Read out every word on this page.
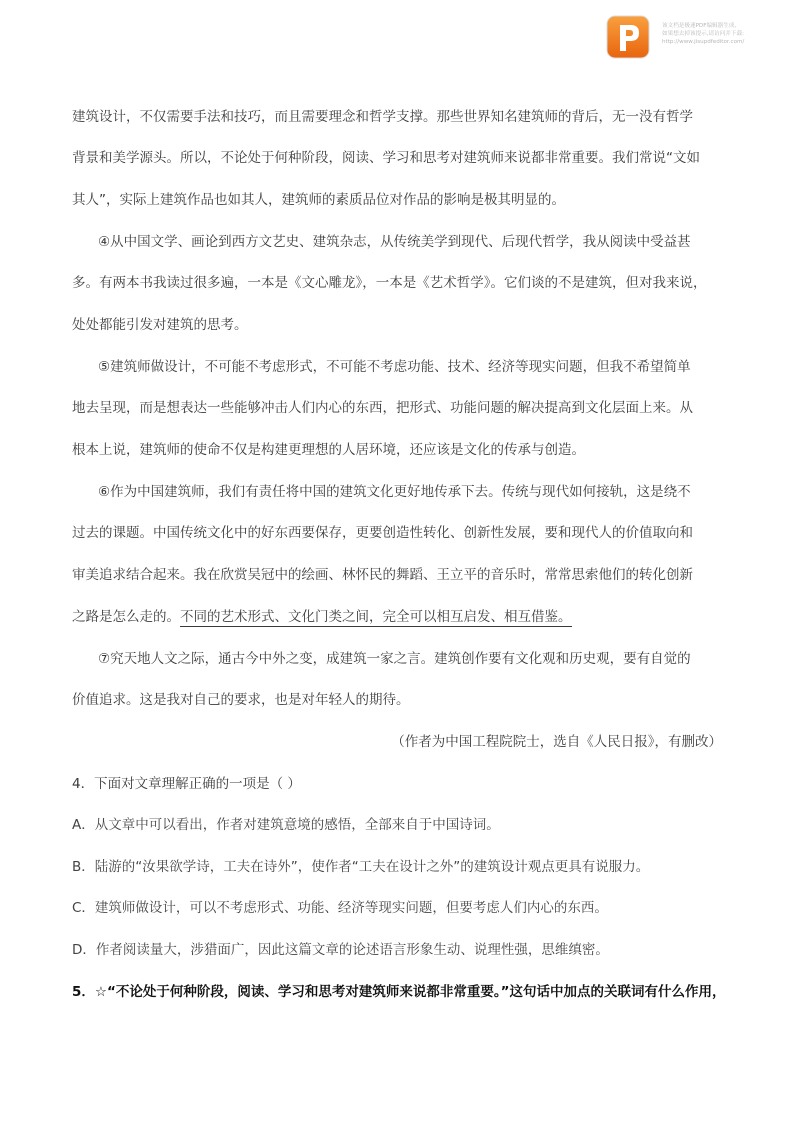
该文档是极速PDF编辑器生成,
如果想去掉该提示,请访问并下载:
http://www.jisupdfeditor.com/
建筑设计，不仅需要手法和技巧，而且需要理念和哲学支撑。那些世界知名建筑师的背后，无一没有哲学
背景和美学源头。所以，不论处于何种阶段，阅读、学习和思考对建筑师来说都非常重要。我们常说“文如
其人”，实际上建筑作品也如其人，建筑师的素质品位对作品的影响是极其明显的。
④从中国文学、画论到西方文艺史、建筑杂志，从传统美学到现代、后现代哲学，我从阅读中受益甚
多。有两本书我读过很多遍，一本是《文心雕龙》，一本是《艺术哲学》。它们谈的不是建筑，但对我来说，
处处都能引发对建筑的思考。
⑤建筑师做设计，不可能不考虑形式，不可能不考虑功能、技术、经济等现实问题，但我不希望简单
地去呈现，而是想表达一些能够冲击人们内心的东西，把形式、功能问题的解决提高到文化层面上来。从
根本上说，建筑师的使命不仅是构建更理想的人居环境，还应该是文化的传承与创造。
⑥作为中国建筑师，我们有责任将中国的建筑文化更好地传承下去。传统与现代如何接轨，这是绕不
过去的课题。中国传统文化中的好东西要保存，更要创造性转化、创新性发展，要和现代人的价值取向和
审美追求结合起来。我在欣赏吴冠中的绘画、林怀民的舞蹈、王立平的音乐时，常常思索他们的转化创新
之路是怎么走的。不同的艺术形式、文化门类之间，完全可以相互启发、相互借鉴。
⑦究天地人文之际，通古今中外之变，成建筑一家之言。建筑创作要有文化观和历史观，要有自觉的
价值追求。这是我对自己的要求，也是对年轻人的期待。
（作者为中国工程院院士，选自《人民日报》，有删改）
4．下面对文章理解正确的一项是（ ）
A．从文章中可以看出，作者对建筑意境的感悟，全部来自于中国诗词。
B．陆游的“汝果欲学诗，工夫在诗外”，使作者“工夫在设计之外”的建筑设计观点更具有说服力。
C．建筑师做设计，可以不考虑形式、功能、经济等现实问题，但要考虑人们内心的东西。
D．作者阅读量大，涉猎面广，因此这篇文章的论述语言形象生动、说理性强，思维缜密。
5．☆“不论处于何种阶段，阅读、学习和思考对建筑师来说都非常重要。”这句话中加点的关联词有什么作用，
